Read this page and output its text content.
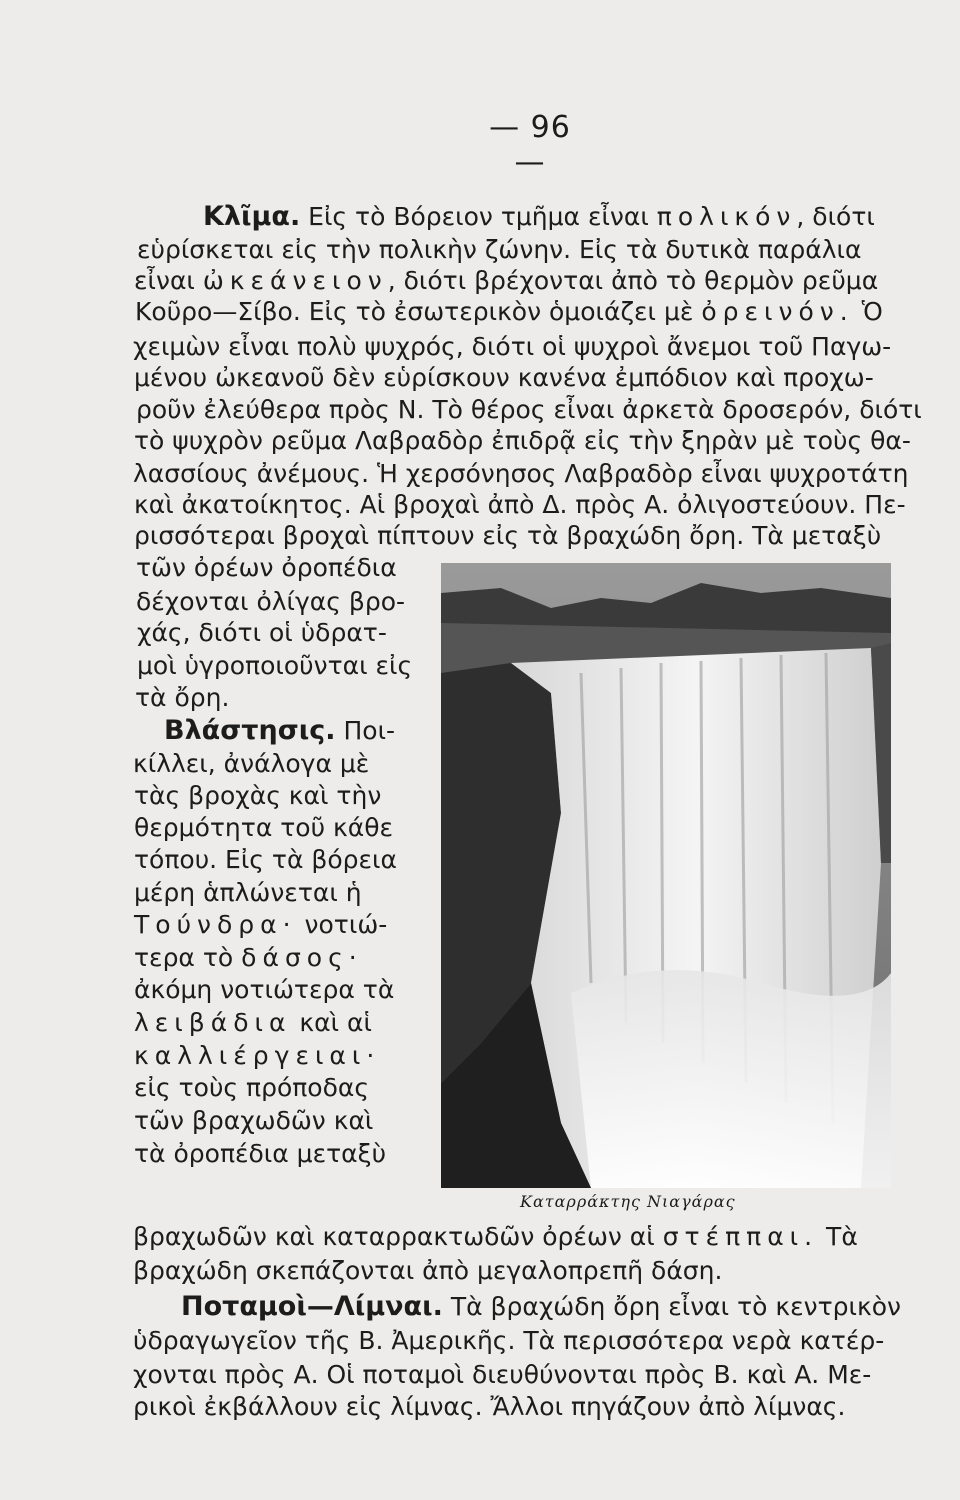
— 96 —
Κλῖμα. Εἰς τὸ Βόρειον τμῆμα εἶναι πολικόν, διότι
εὑρίσκεται εἰς τὴν πολικὴν ζώνην. Εἰς τὰ δυτικὰ παράλια
εἶναι ὠκεάνειον, διότι βρέχονται ἀπὸ τὸ θερμὸν ρεῦμα
Κοῦρο—Σίβο. Εἰς τὸ ἐσωτερικὸν ὁμοιάζει μὲ ὀρεινόν. Ὁ
χειμὼν εἶναι πολὺ ψυχρός, διότι οἱ ψυχροὶ ἄνεμοι τοῦ Παγω-
μένου ὠκεανοῦ δὲν εὑρίσκουν κανένα ἐμπόδιον καὶ προχω-
ροῦν ἐλεύθερα πρὸς Ν. Τὸ θέρος εἶναι ἀρκετὰ δροσερόν, διότι
τὸ ψυχρὸν ρεῦμα Λαβραδὸρ ἐπιδρᾷ εἰς τὴν ξηρὰν μὲ τοὺς θα-
λασσίους ἀνέμους. Ἡ χερσόνησος Λαβραδὸρ εἶναι ψυχροτάτη
καὶ ἀκατοίκητος. Αἱ βροχαὶ ἀπὸ Δ. πρὸς Α. ὀλιγοστεύουν. Πε-
ρισσότεραι βροχαὶ πίπτουν εἰς τὰ βραχώδη ὄρη. Τὰ μεταξὺ
τῶν ὀρέων ὀροπέδια
δέχονται ὀλίγας βρο-
χάς, διότι οἱ ὑδρατ-
μοὶ ὑγροποιοῦνται εἰς
τὰ ὄρη.
Βλάστησις. Ποι-
κίλλει, ἀνάλογα μὲ
τὰς βροχὰς καὶ τὴν
θερμότητα τοῦ κάθε
τόπου. Εἰς τὰ βόρεια
μέρη ἁπλώνεται ἡ
Τούνδρα· νοτιώ-
τερα τὸ δάσος·
ἀκόμη νοτιώτερα τὰ
λειβάδια καὶ αἱ
καλλιέργειαι·
εἰς τοὺς πρόποδας
τῶν βραχωδῶν καὶ
τὰ ὀροπέδια μεταξὺ
βραχωδῶν καὶ καταρρακτωδῶν ὀρέων αἱ στέππαι. Τὰ
βραχώδη σκεπάζονται ἀπὸ μεγαλοπρεπῆ δάση.
Ποταμοὶ—Λίμναι. Τὰ βραχώδη ὄρη εἶναι τὸ κεντρικὸν
ὑδραγωγεῖον τῆς Β. Ἀμερικῆς. Τὰ περισσότερα νερὰ κατέρ-
χονται πρὸς Α. Οἱ ποταμοὶ διευθύνονται πρὸς Β. καὶ Α. Με-
ρικοὶ ἐκβάλλουν εἰς λίμνας. Ἄλλοι πηγάζουν ἀπὸ λίμνας.
Καταρράκτης Νιαγάρας
